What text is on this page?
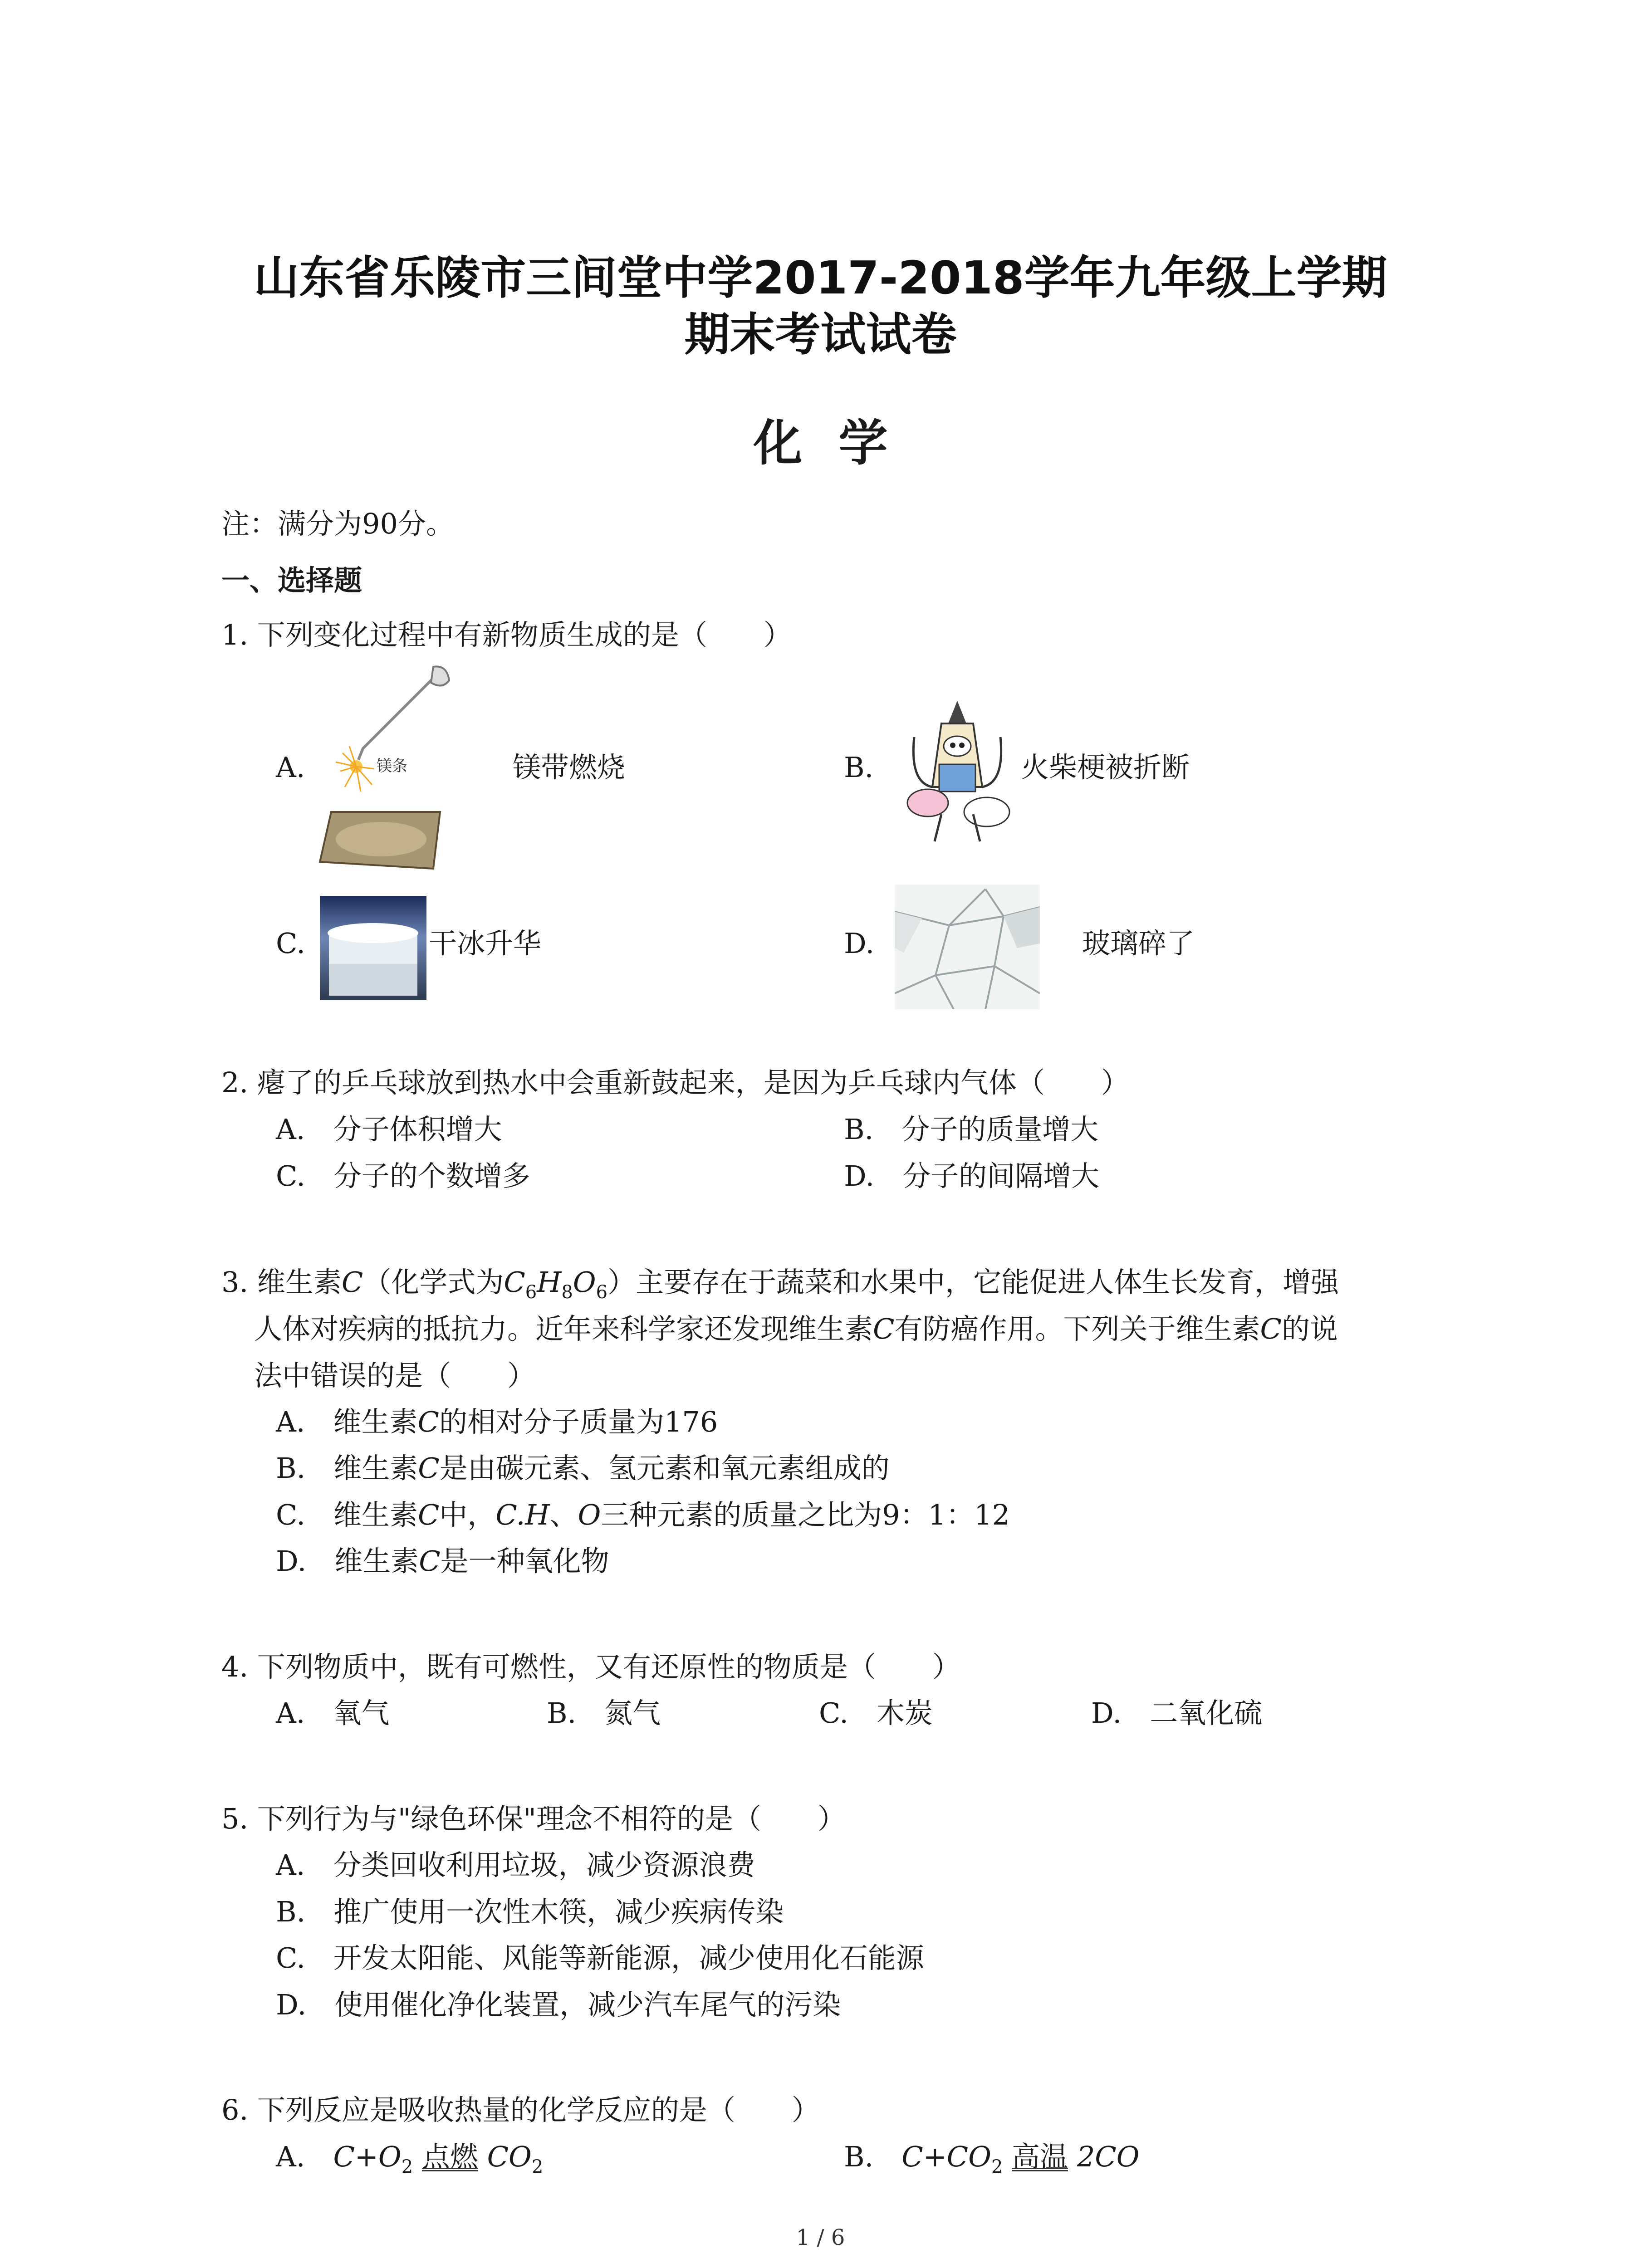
山东省乐陵市三间堂中学2017-2018学年九年级上学期
期末考试试卷
化学
注：满分为90分。
一、选择题
1. 下列变化过程中有新物质生成的是（　　）
A.	镁条	镁带燃烧	B.	火柴梗被折断
C.	干冰升华	D.	玻璃碎了
2. 瘪了的乒乓球放到热水中会重新鼓起来，是因为乒乓球内气体（　　）
A.　分子体积增大	B.　分子的质量增大
C.　分子的个数增多	D.　分子的间隔增大
3. 维生素C（化学式为$C_6H_8O_6$）主要存在于蔬菜和水果中，它能促进人体生长发育，增强
人体对疾病的抵抗力。近年来科学家还发现维生素C有防癌作用。下列关于维生素C的说
法中错误的是（　　）
A.　维生素C的相对分子质量为176
B.　维生素C是由碳元素、氢元素和氧元素组成的
C.　维生素C中，C.H、O三种元素的质量之比为9：1：12
D.　维生素C是一种氧化物
4. 下列物质中，既有可燃性，又有还原性的物质是（　　）
A.　氧气	B.　氮气	C.　木炭	D.　二氧化硫
5. 下列行为与"绿色环保"理念不相符的是（　　）
A.　分类回收利用垃圾，减少资源浪费
B.　推广使用一次性木筷，减少疾病传染
C.　开发太阳能、风能等新能源，减少使用化石能源
D.　使用催化净化装置，减少汽车尾气的污染
6. 下列反应是吸收热量的化学反应的是（　　）
A.　$C+O_2$ 点燃 $CO_2$	B.　$C+CO_2$ 高温 2CO
1 / 6
